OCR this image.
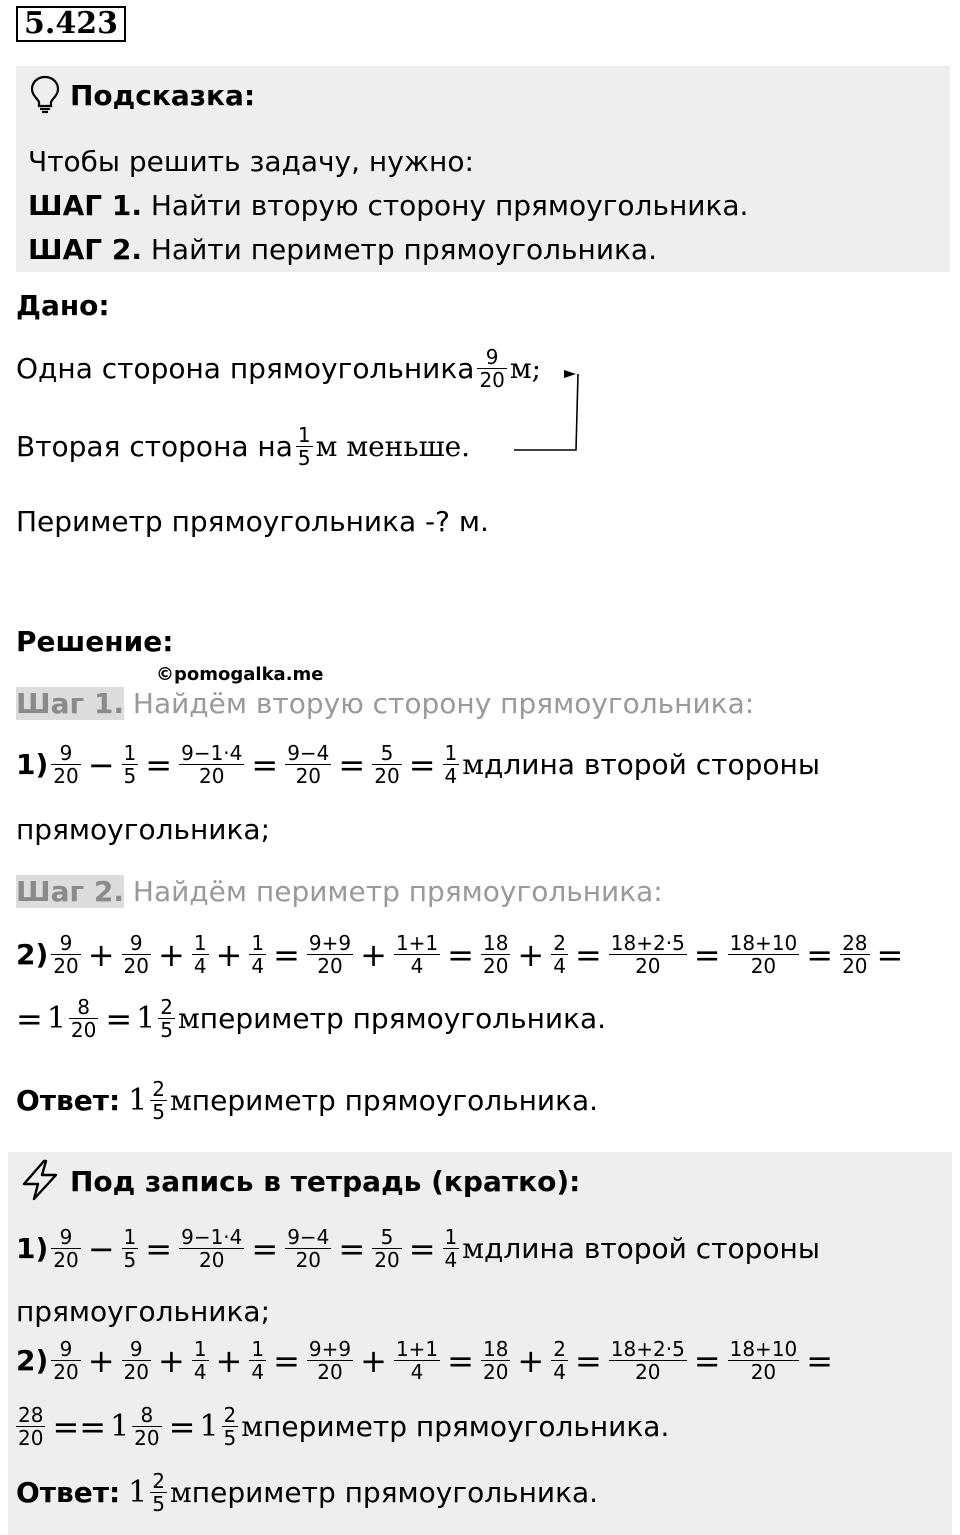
5.423
Подсказка:
Чтобы решить задачу, нужно:
ШАГ 1. Найти вторую сторону прямоугольника.
ШАГ 2. Найти периметр прямоугольника.
Дано:
Одна сторона прямоугольника $\frac{9}{20} м$;
Вторая сторона на $\frac{1}{5}$ м меньше.
Периметр прямоугольника -? м.
Решение:
©pomogalka.me
Шаг 1. Найдём вторую сторону прямоугольника:
$1) \frac{9}{20} - \frac{1}{5} = \frac{9-1\cdot 4}{20} = \frac{9-4}{20} = \frac{5}{20} = \frac{1}{4}$ м длина второй стороны
прямоугольника;
Шаг 2. Найдём периметр прямоугольника:
$2) \frac{9}{20} + \frac{9}{20} + \frac{1}{4} + \frac{1}{4} = \frac{9+9}{20} + \frac{1+1}{4} = \frac{18}{20} + \frac{2}{4} = \frac{18+2\cdot 5}{20} = \frac{18+10}{20} = \frac{28}{20}$ =
= $1 \frac{8}{20} = 1 \frac{2}{5}$ м периметр прямоугольника.
Ответ: $1 \frac{2}{5}$ м периметр прямоугольника.
Под запись в тетрадь (кратко):
$1) \frac{9}{20} - \frac{1}{5} = \frac{9-1\cdot 4}{20} = \frac{9-4}{20} = \frac{5}{20} = \frac{1}{4}$ м длина второй стороны
прямоугольника;
$2) \frac{9}{20} + \frac{9}{20} + \frac{1}{4} + \frac{1}{4} = \frac{9+9}{20} + \frac{1+1}{4} = \frac{18}{20} + \frac{2}{4} = \frac{18+2\cdot 5}{20} = \frac{18+10}{20}$ =
$\frac{28}{20} == 1 \frac{8}{20} = 1 \frac{2}{5}$ м периметр прямоугольника.
Ответ: $1 \frac{2}{5}$ м периметр прямоугольника.
